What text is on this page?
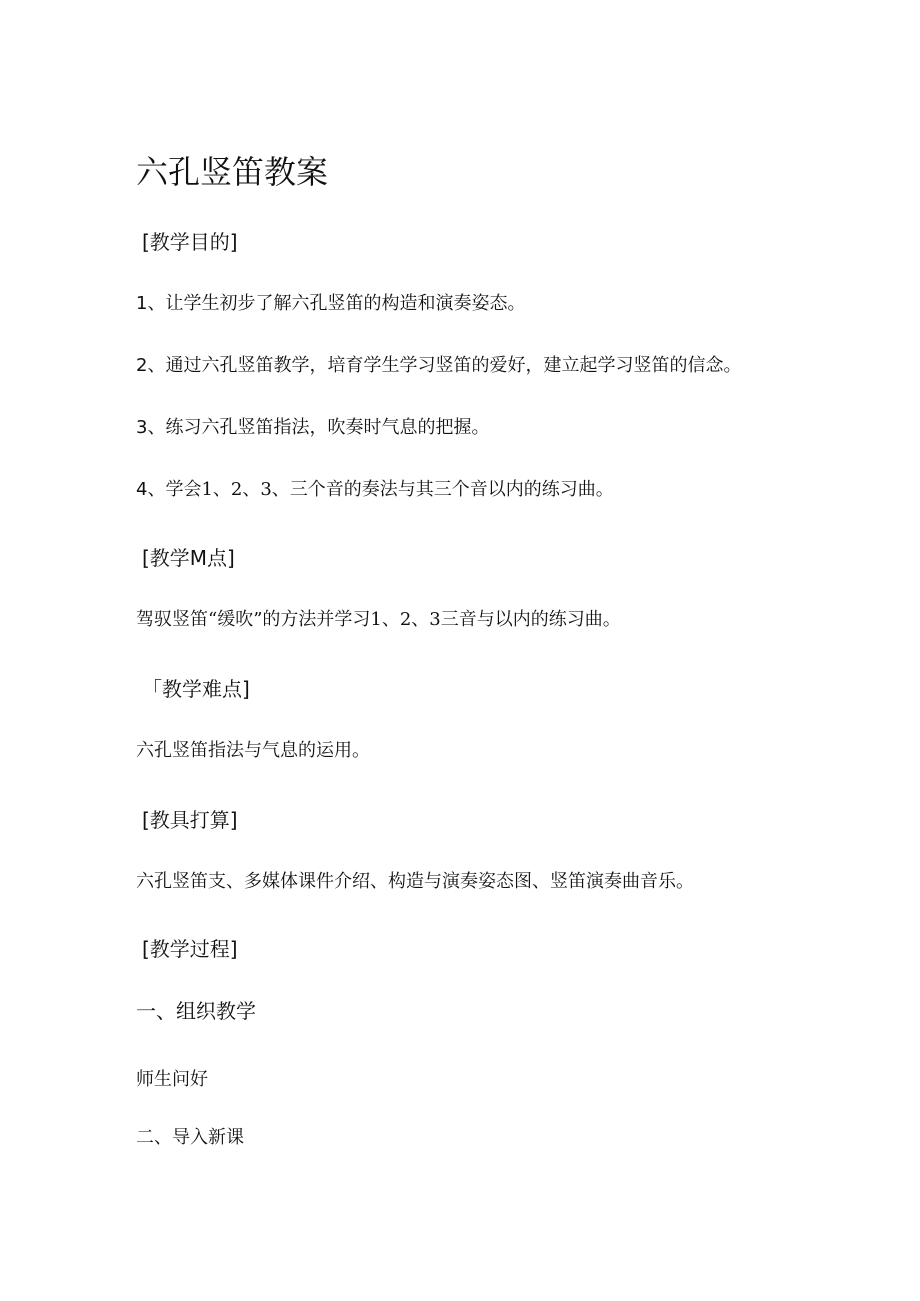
六孔竖笛教案
[教学目的]
1、让学生初步了解六孔竖笛的构造和演奏姿态。
2、通过六孔竖笛教学，培育学生学习竖笛的爱好，建立起学习竖笛的信念。
3、练习六孔竖笛指法，吹奏时气息的把握。
4、学会1、2、3、三个音的奏法与其三个音以内的练习曲。
[教学M点]
驾驭竖笛“缓吹”的方法并学习1、2、3三音与以内的练习曲。
「教学难点]
六孔竖笛指法与气息的运用。
[教具打算]
六孔竖笛支、多媒体课件介绍、构造与演奏姿态图、竖笛演奏曲音乐。
[教学过程]
一、组织教学
师生问好
二、导入新课
